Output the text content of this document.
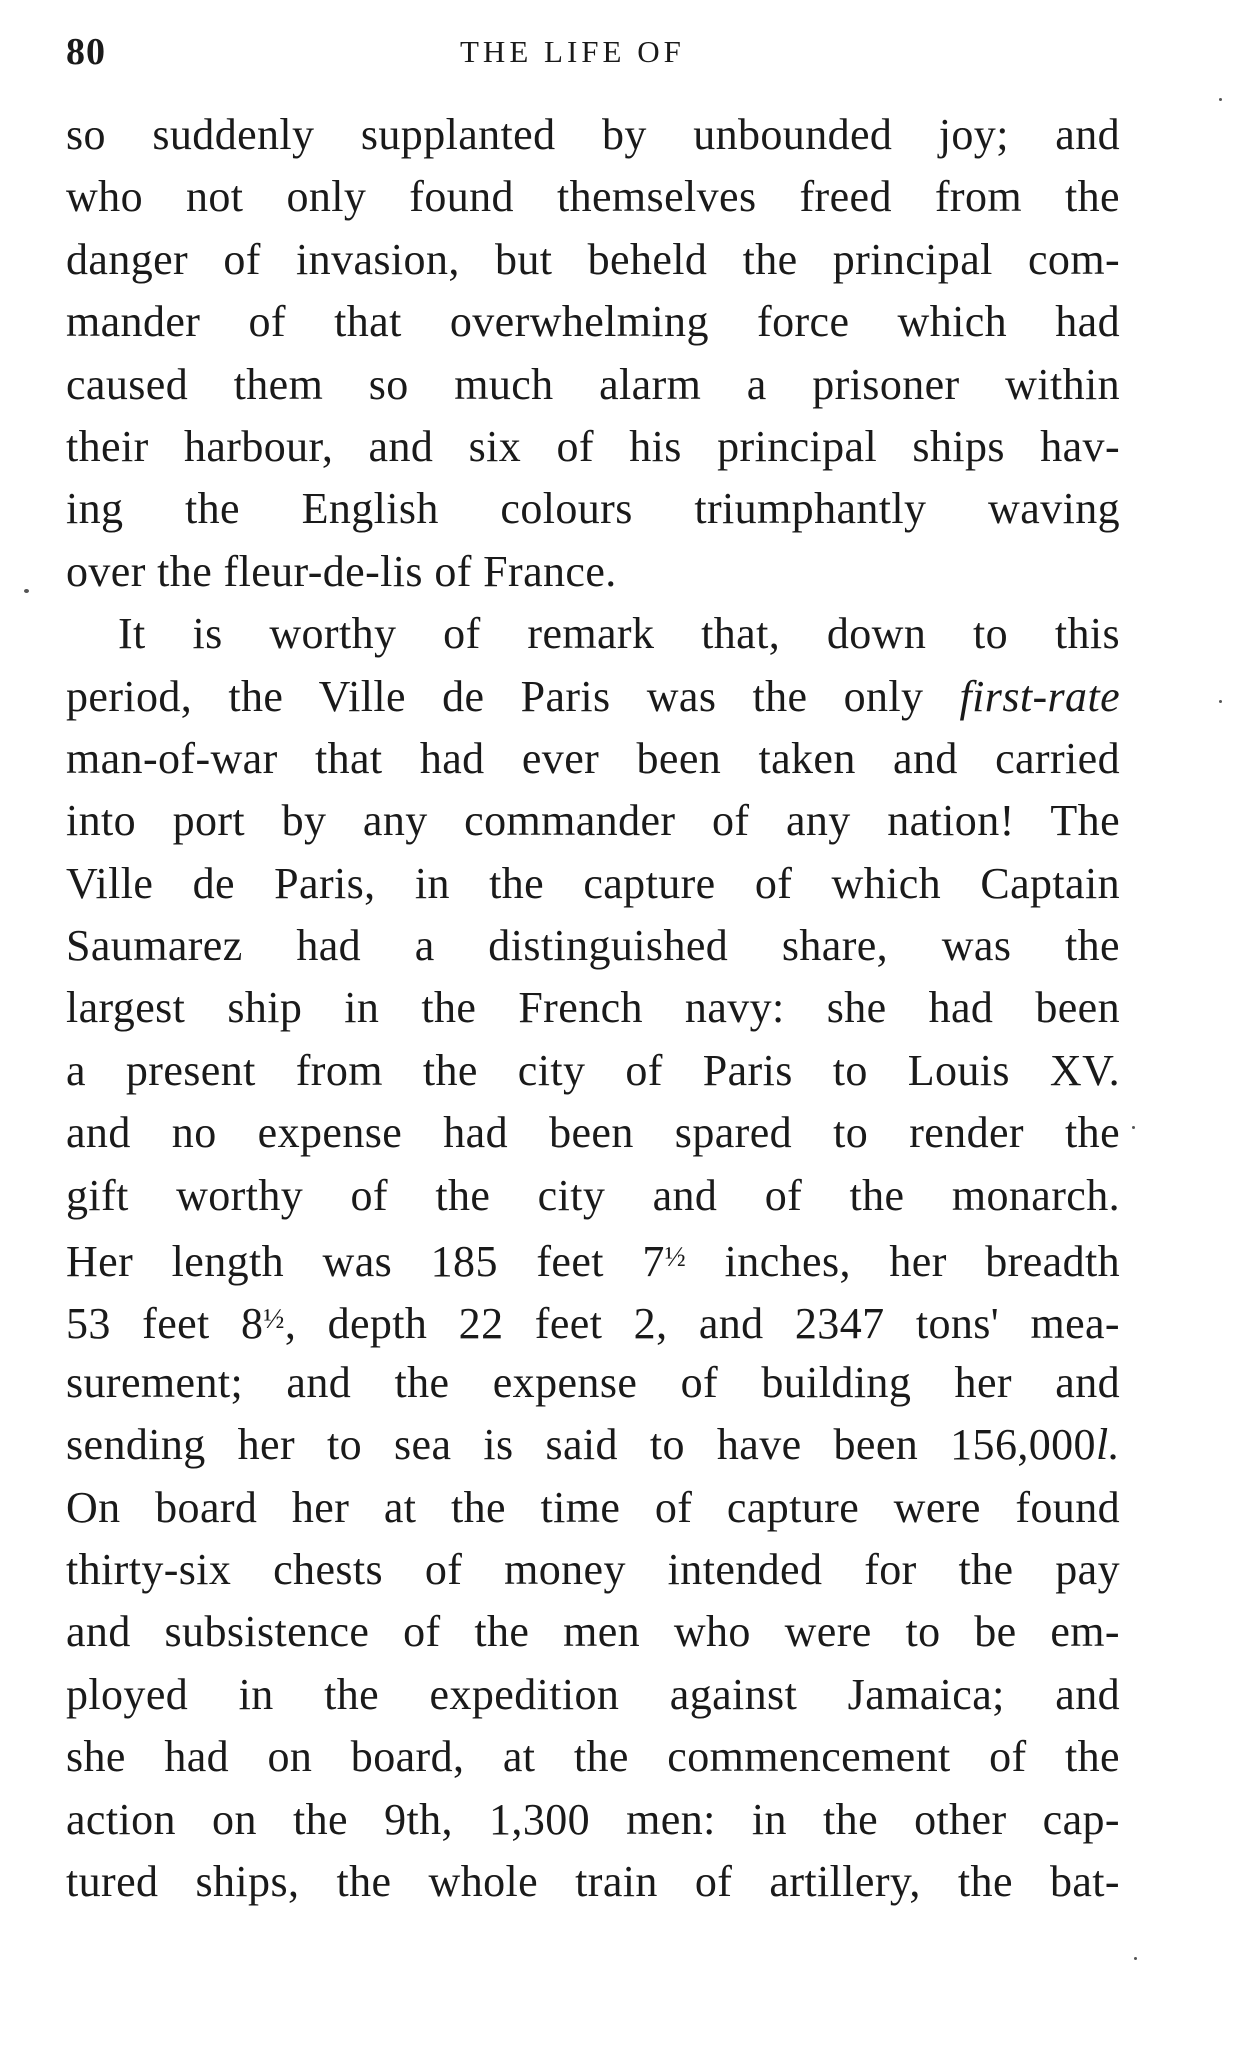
80	THE LIFE OF
so suddenly supplanted by unbounded joy; and
who not only found themselves freed from the
danger of invasion, but beheld the principal com-
mander of that overwhelming force which had
caused them so much alarm a prisoner within
their harbour, and six of his principal ships hav-
ing the English colours triumphantly waving
over the fleur-de-lis of France.
It is worthy of remark that, down to this
period, the Ville de Paris was the only first-rate
man-of-war that had ever been taken and carried
into port by any commander of any nation! The
Ville de Paris, in the capture of which Captain
Saumarez had a distinguished share, was the
largest ship in the French navy: she had been
a present from the city of Paris to Louis XV.
and no expense had been spared to render the
gift worthy of the city and of the monarch.
Her length was 185 feet $7^{\frac{1}{2}}$ inches, her breadth
53 feet $8^{\frac{1}{2}}$, depth 22 feet 2, and 2347 tons' mea-
surement; and the expense of building her and
sending her to sea is said to have been 156,000l.
On board her at the time of capture were found
thirty-six chests of money intended for the pay
and subsistence of the men who were to be em-
ployed in the expedition against Jamaica; and
she had on board, at the commencement of the
action on the 9th, 1,300 men: in the other cap-
tured ships, the whole train of artillery, the bat-
